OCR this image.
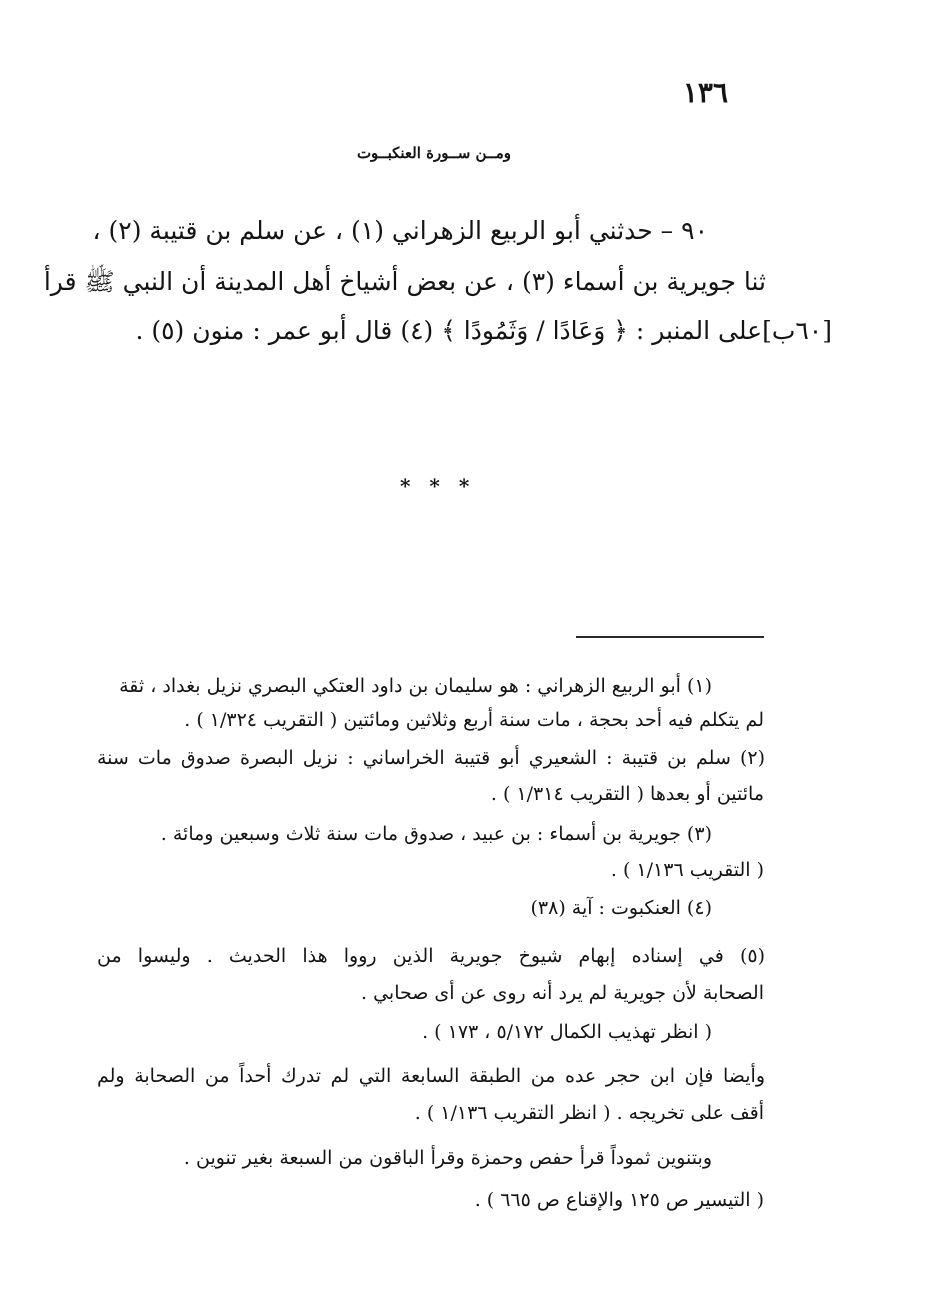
١٣٦
ومــن ســورة العنكبــوت

٩٠ – حدثني أبو الربيع الزهراني (١) ، عن سلم بن قتيبة (٢) ،

ثنا جويرية بن أسماء (٣) ، عن بعض أشياخ أهل المدينة أن النبي ﷺ قرأ

[٦٠ب]على المنبر : ﴿ وَعَادًا / وَثَمُودًا ﴾ (٤) قال أبو عمر : منون (٥) .

* * *

(١) أبو الربيع الزهراني : هو سليمان بن داود العتكي البصري نزيل بغداد ، ثقة

لم يتكلم فيه أحد بحجة ، مات سنة أربع وثلاثين ومائتين ( التقريب ١/٣٢٤ ) .

(٢) سلم بن قتيبة : الشعيري أبو قتيبة الخراساني : نزيل البصرة صدوق مات سنة

مائتين أو بعدها ( التقريب ١/٣١٤ ) .

(٣) جويرية بن أسماء : بن عبيد ، صدوق مات سنة ثلاث وسبعين ومائة .

( التقريب ١/١٣٦ ) .

(٤) العنكبوت : آية (٣٨)

(٥) في إسناده إبهام شيوخ جويرية الذين رووا هذا الحديث . وليسوا من

الصحابة لأن جويرية لم يرد أنه روى عن أى صحابي .

( انظر تهذيب الكمال ٥/١٧٢ ، ١٧٣ ) .

وأيضا فإن ابن حجر عده من الطبقة السابعة التي لم تدرك أحداً من الصحابة ولم

أقف على تخريجه . ( انظر التقريب ١/١٣٦ ) .

وبتنوين ثموداً قرأ حفص وحمزة وقرأ الباقون من السبعة بغير تنوين .

( التيسير ص ١٢٥ والإقناع ص ٦٦٥ ) .
